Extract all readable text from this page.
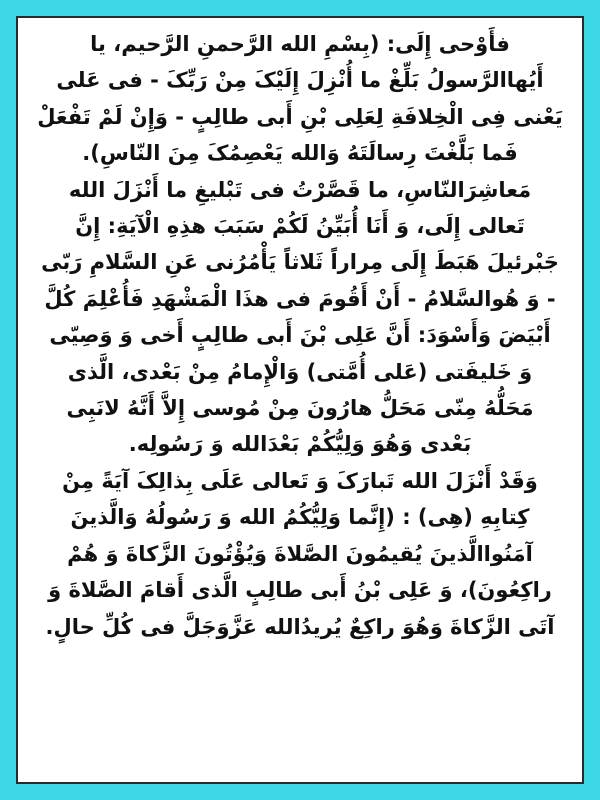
فأَوْحی إِلَی: (بِسْمِ الله الرَّحمنِ الرَّحيم، يا
أَيُهاالرَّسولُ بَلِّغْ ما أُنْزِلَ إِلَيْکَ مِنْ رَبِّکَ - فی عَلی
يَعْنی فِی الْخِلافَةِ لِعَلِی بْنِ أَبی طالِبٍ - وَإِنْ لَمْ تَفْعَلْ
فَما بَلَّغْتَ رِسالَتَهُ وَالله يَعْصِمُکَ مِنَ النّاسِ).
مَعاشِرَالنّاسِ، ما قَصَّرْتُ فی تَبْليغِ ما أَنْزَلَ الله
تَعالی إِلَی، وَ أَنَا أُبَيِّنُ لَکُمْ سَبَبَ هذِهِ الْآيَةِ: إِنَّ
جَبْرئيلَ هَبَطَ إِلَی مِراراً ثَلاثاً يَأْمُرُنی عَنِ السَّلامِ رَبّی
- وَ هُوالسَّلامُ - أَنْ أَقُومَ فی هذَا الْمَشْهَدِ فَأُعْلِمَ کُلَّ
أَبْيَضَ وَأَسْوَدَ: أَنَّ عَلِی بْنَ أَبی طالِبٍ أَخی وَ وَصِيّی
وَ خَليفَتی (عَلی أُمَّتی) وَالْإِمامُ مِنْ بَعْدی، الَّذی
مَحَلُّهُ مِنّی مَحَلُّ هارُونَ مِنْ مُوسی إِلاَّ أَنَّهُ لانَبِی
بَعْدی وَهُوَ وَلِيُّکُمْ بَعْدَالله وَ رَسُولِه.
وَقَدْ أَنْزَلَ الله تَبارَکَ وَ تَعالی عَلَی بِذالِکَ آيَةً مِنْ
کِتابِهِ (هِی) : (إِنَّما وَلِيُّکُمُ الله وَ رَسُولُهُ وَالَّذينَ
آمَنُواالَّذينَ يُقيمُونَ الصَّلاةَ وَيُؤْتُونَ الزَّکاةَ وَ هُمْ
راکِعُونَ)، وَ عَلِی بْنُ أَبی طالِبٍ الَّذی أَقامَ الصَّلاةَ وَ
آتَی الزَّکاةَ وَهُوَ راکِعٌ يُريدُالله عَزَّوَجَلَّ فی کُلِّ حالٍ.
